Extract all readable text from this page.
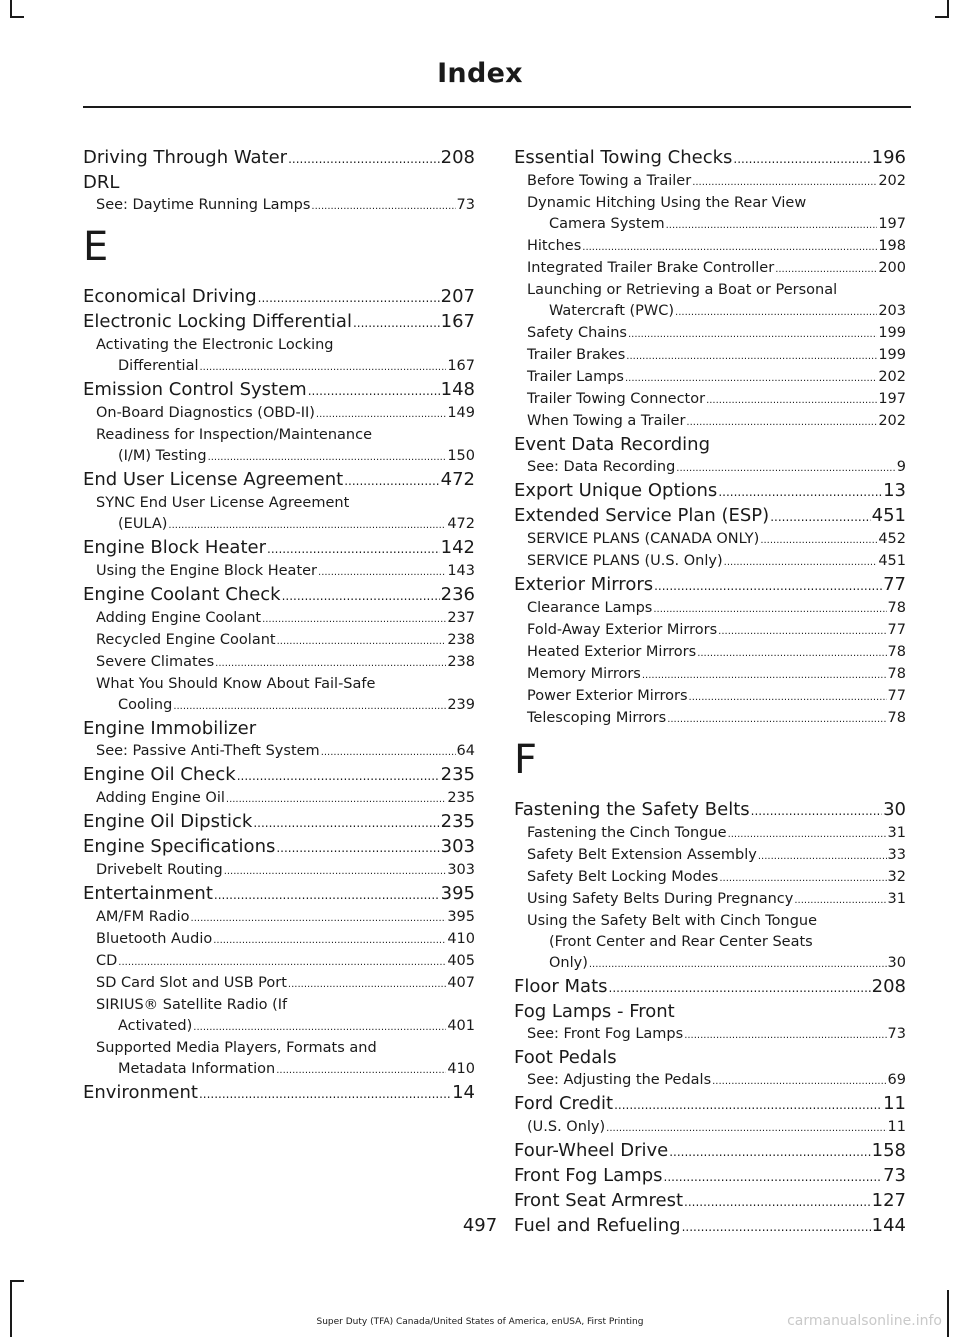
Index
Driving Through Water .....	208
DRL
See: Daytime Running Lamps .....	73
E
Economical Driving .....	207
Electronic Locking Differential .....	167
Activating the Electronic Locking
Differential .....	167
Emission Control System .....	148
On-Board Diagnostics (OBD-II) .....	149
Readiness for Inspection/Maintenance
(I/M) Testing .....	150
End User License Agreement .....	472
SYNC End User License Agreement
(EULA) .....	472
Engine Block Heater .....	142
Using the Engine Block Heater .....	143
Engine Coolant Check .....	236
Adding Engine Coolant .....	237
Recycled Engine Coolant .....	238
Severe Climates .....	238
What You Should Know About Fail-Safe
Cooling .....	239
Engine Immobilizer
See: Passive Anti-Theft System .....	64
Engine Oil Check .....	235
Adding Engine Oil .....	235
Engine Oil Dipstick .....	235
Engine Specifications .....	303
Drivebelt Routing .....	303
Entertainment .....	395
AM/FM Radio .....	395
Bluetooth Audio .....	410
CD .....	405
SD Card Slot and USB Port .....	407
SIRIUS® Satellite Radio (If
Activated) .....	401
Supported Media Players, Formats and
Metadata Information .....	410
Environment .....	14
Essential Towing Checks .....	196
Before Towing a Trailer .....	202
Dynamic Hitching Using the Rear View
Camera System .....	197
Hitches .....	198
Integrated Trailer Brake Controller .....	200
Launching or Retrieving a Boat or Personal
Watercraft (PWC) .....	203
Safety Chains .....	199
Trailer Brakes .....	199
Trailer Lamps .....	202
Trailer Towing Connector .....	197
When Towing a Trailer .....	202
Event Data Recording
See: Data Recording .....	9
Export Unique Options .....	13
Extended Service Plan (ESP) .....	451
SERVICE PLANS (CANADA ONLY) .....	452
SERVICE PLANS (U.S. Only) .....	451
Exterior Mirrors .....	77
Clearance Lamps .....	78
Fold-Away Exterior Mirrors .....	77
Heated Exterior Mirrors .....	78
Memory Mirrors .....	78
Power Exterior Mirrors .....	77
Telescoping Mirrors .....	78
F
Fastening the Safety Belts .....	30
Fastening the Cinch Tongue .....	31
Safety Belt Extension Assembly .....	33
Safety Belt Locking Modes .....	32
Using Safety Belts During Pregnancy .....	31
Using the Safety Belt with Cinch Tongue
(Front Center and Rear Center Seats
Only) .....	30
Floor Mats .....	208
Fog Lamps - Front
See: Front Fog Lamps .....	73
Foot Pedals
See: Adjusting the Pedals .....	69
Ford Credit .....	11
(U.S. Only) .....	11
Four-Wheel Drive .....	158
Front Fog Lamps .....	73
Front Seat Armrest .....	127
Fuel and Refueling .....	144
497
Super Duty (TFA) Canada/United States of America, enUSA, First Printing	carmanualsonline.info
